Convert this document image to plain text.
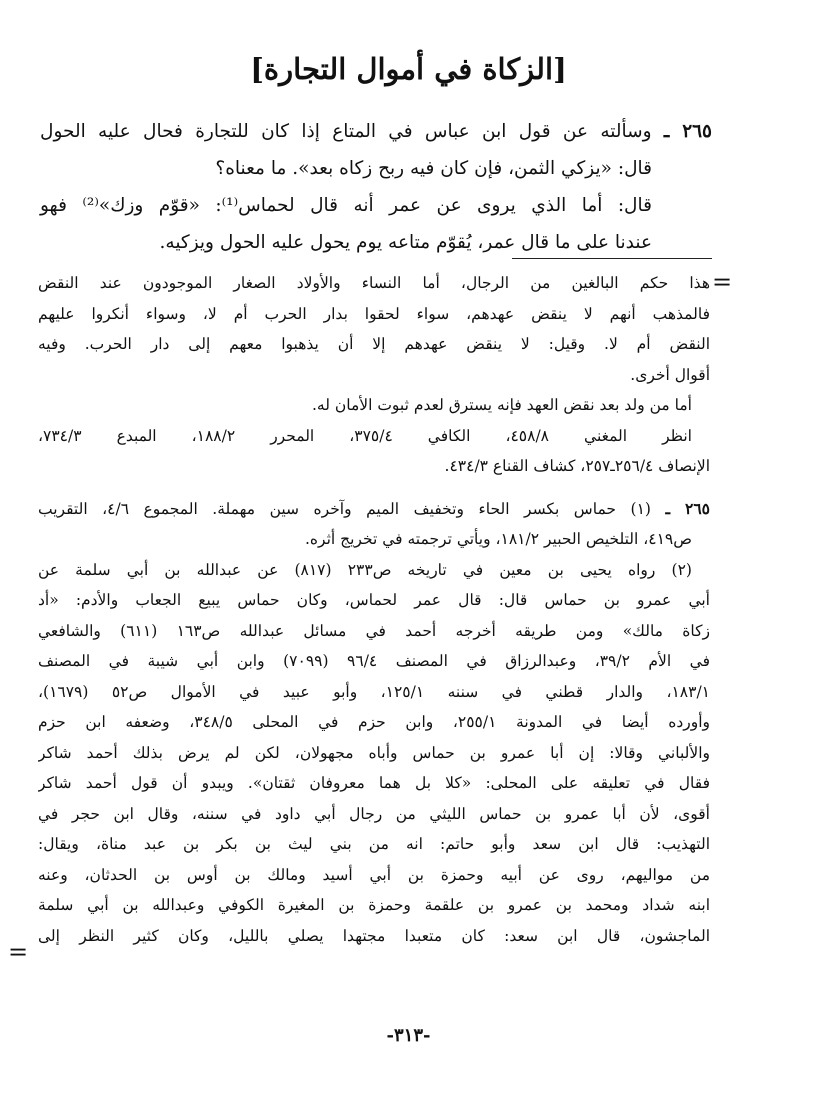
[الزكاة في أموال التجارة]
٢٦٥ ـ وسألته عن قول ابن عباس في المتاع إذا كان للتجارة فحال عليه الحول
قال: «يزكي الثمن، فإن كان فيه ربح زكاه بعد». ما معناه؟
قال: أما الذي يروى عن عمر أنه قال لحماس⁽¹⁾: «قوّم وزك»⁽²⁾ فهو
عندنا على ما قال عمر، يُقوّم متاعه يوم يحول عليه الحول ويزكيه.
=
هذا حكم البالغين من الرجال، أما النساء والأولاد الصغار الموجودون عند النقض
فالمذهب أنهم لا ينقض عهدهم، سواء لحقوا بدار الحرب أم لا، وسواء أنكروا عليهم
النقض أم لا. وقيل: لا ينقض عهدهم إلا أن يذهبوا معهم إلى دار الحرب. وفيه
أقوال أخرى.
أما من ولد بعد نقض العهد فإنه يسترق لعدم ثبوت الأمان له.
انظر المغني ٤٥٨/٨، الكافي ٣٧٥/٤، المحرر ١٨٨/٢، المبدع ٧٣٤/٣،
الإنصاف ٢٥٦/٤ـ٢٥٧، كشاف القناع ٤٣٤/٣.
٢٦٥ ـ (١) حماس بكسر الحاء وتخفيف الميم وآخره سين مهملة. المجموع ٤/٦، التقريب
ص٤١٩، التلخيص الحبير ١٨١/٢، ويأتي ترجمته في تخريج أثره.
(٢) رواه يحيى بن معين في تاريخه ص٢٣٣ (٨١٧) عن عبدالله بن أبي سلمة عن
أبي عمرو بن حماس قال: قال عمر لحماس، وكان حماس يبيع الجعاب والأدم: «أد
زكاة مالك» ومن طريقه أخرجه أحمد في مسائل عبدالله ص١٦٣ (٦١١) والشافعي
في الأم ٣٩/٢، وعبدالرزاق في المصنف ٩٦/٤ (٧٠٩٩) وابن أبي شيبة في المصنف
١٨٣/١، والدار قطني في سننه ١٢٥/١، وأبو عبيد في الأموال ص٥٢ (١٦٧٩)،
وأورده أيضا في المدونة ٢٥٥/١، وابن حزم في المحلى ٣٤٨/٥، وضعفه ابن حزم
والألباني وقالا: إن أبا عمرو بن حماس وأباه مجهولان، لكن لم يرض بذلك أحمد شاكر
فقال في تعليقه على المحلى: «كلا بل هما معروفان ثقتان». ويبدو أن قول أحمد شاكر
أقوى، لأن أبا عمرو بن حماس الليثي من رجال أبي داود في سننه، وقال ابن حجر في
التهذيب: قال ابن سعد وأبو حاتم: انه من بني ليث بن بكر بن عبد مناة، ويقال:
من مواليهم، روى عن أبيه وحمزة بن أبي أسيد ومالك بن أوس بن الحدثان، وعنه
ابنه شداد ومحمد بن عمرو بن علقمة وحمزة بن المغيرة الكوفي وعبدالله بن أبي سلمة
الماجشون، قال ابن سعد: كان متعبدا مجتهدا يصلي بالليل، وكان كثير النظر إلى
=
-٣١٣-
